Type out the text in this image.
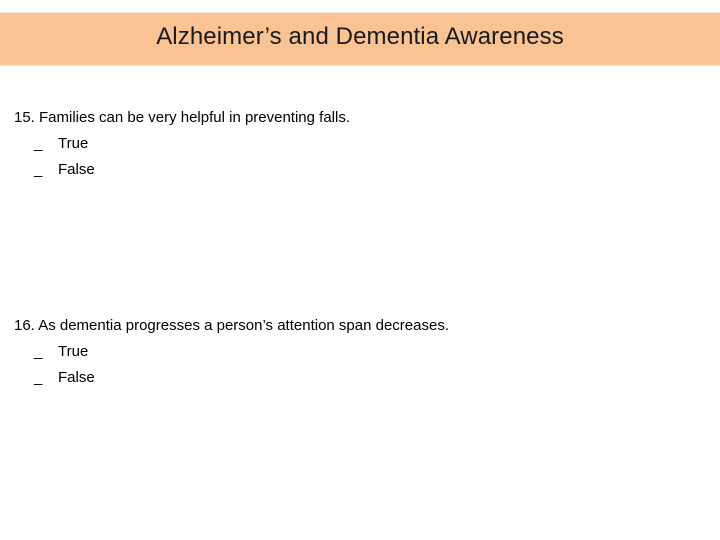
Alzheimer’s and Dementia Awareness
15. Families can be very helpful in preventing falls.
_ True
_ False
16. As dementia progresses a person’s attention span decreases.
_ True
_ False
